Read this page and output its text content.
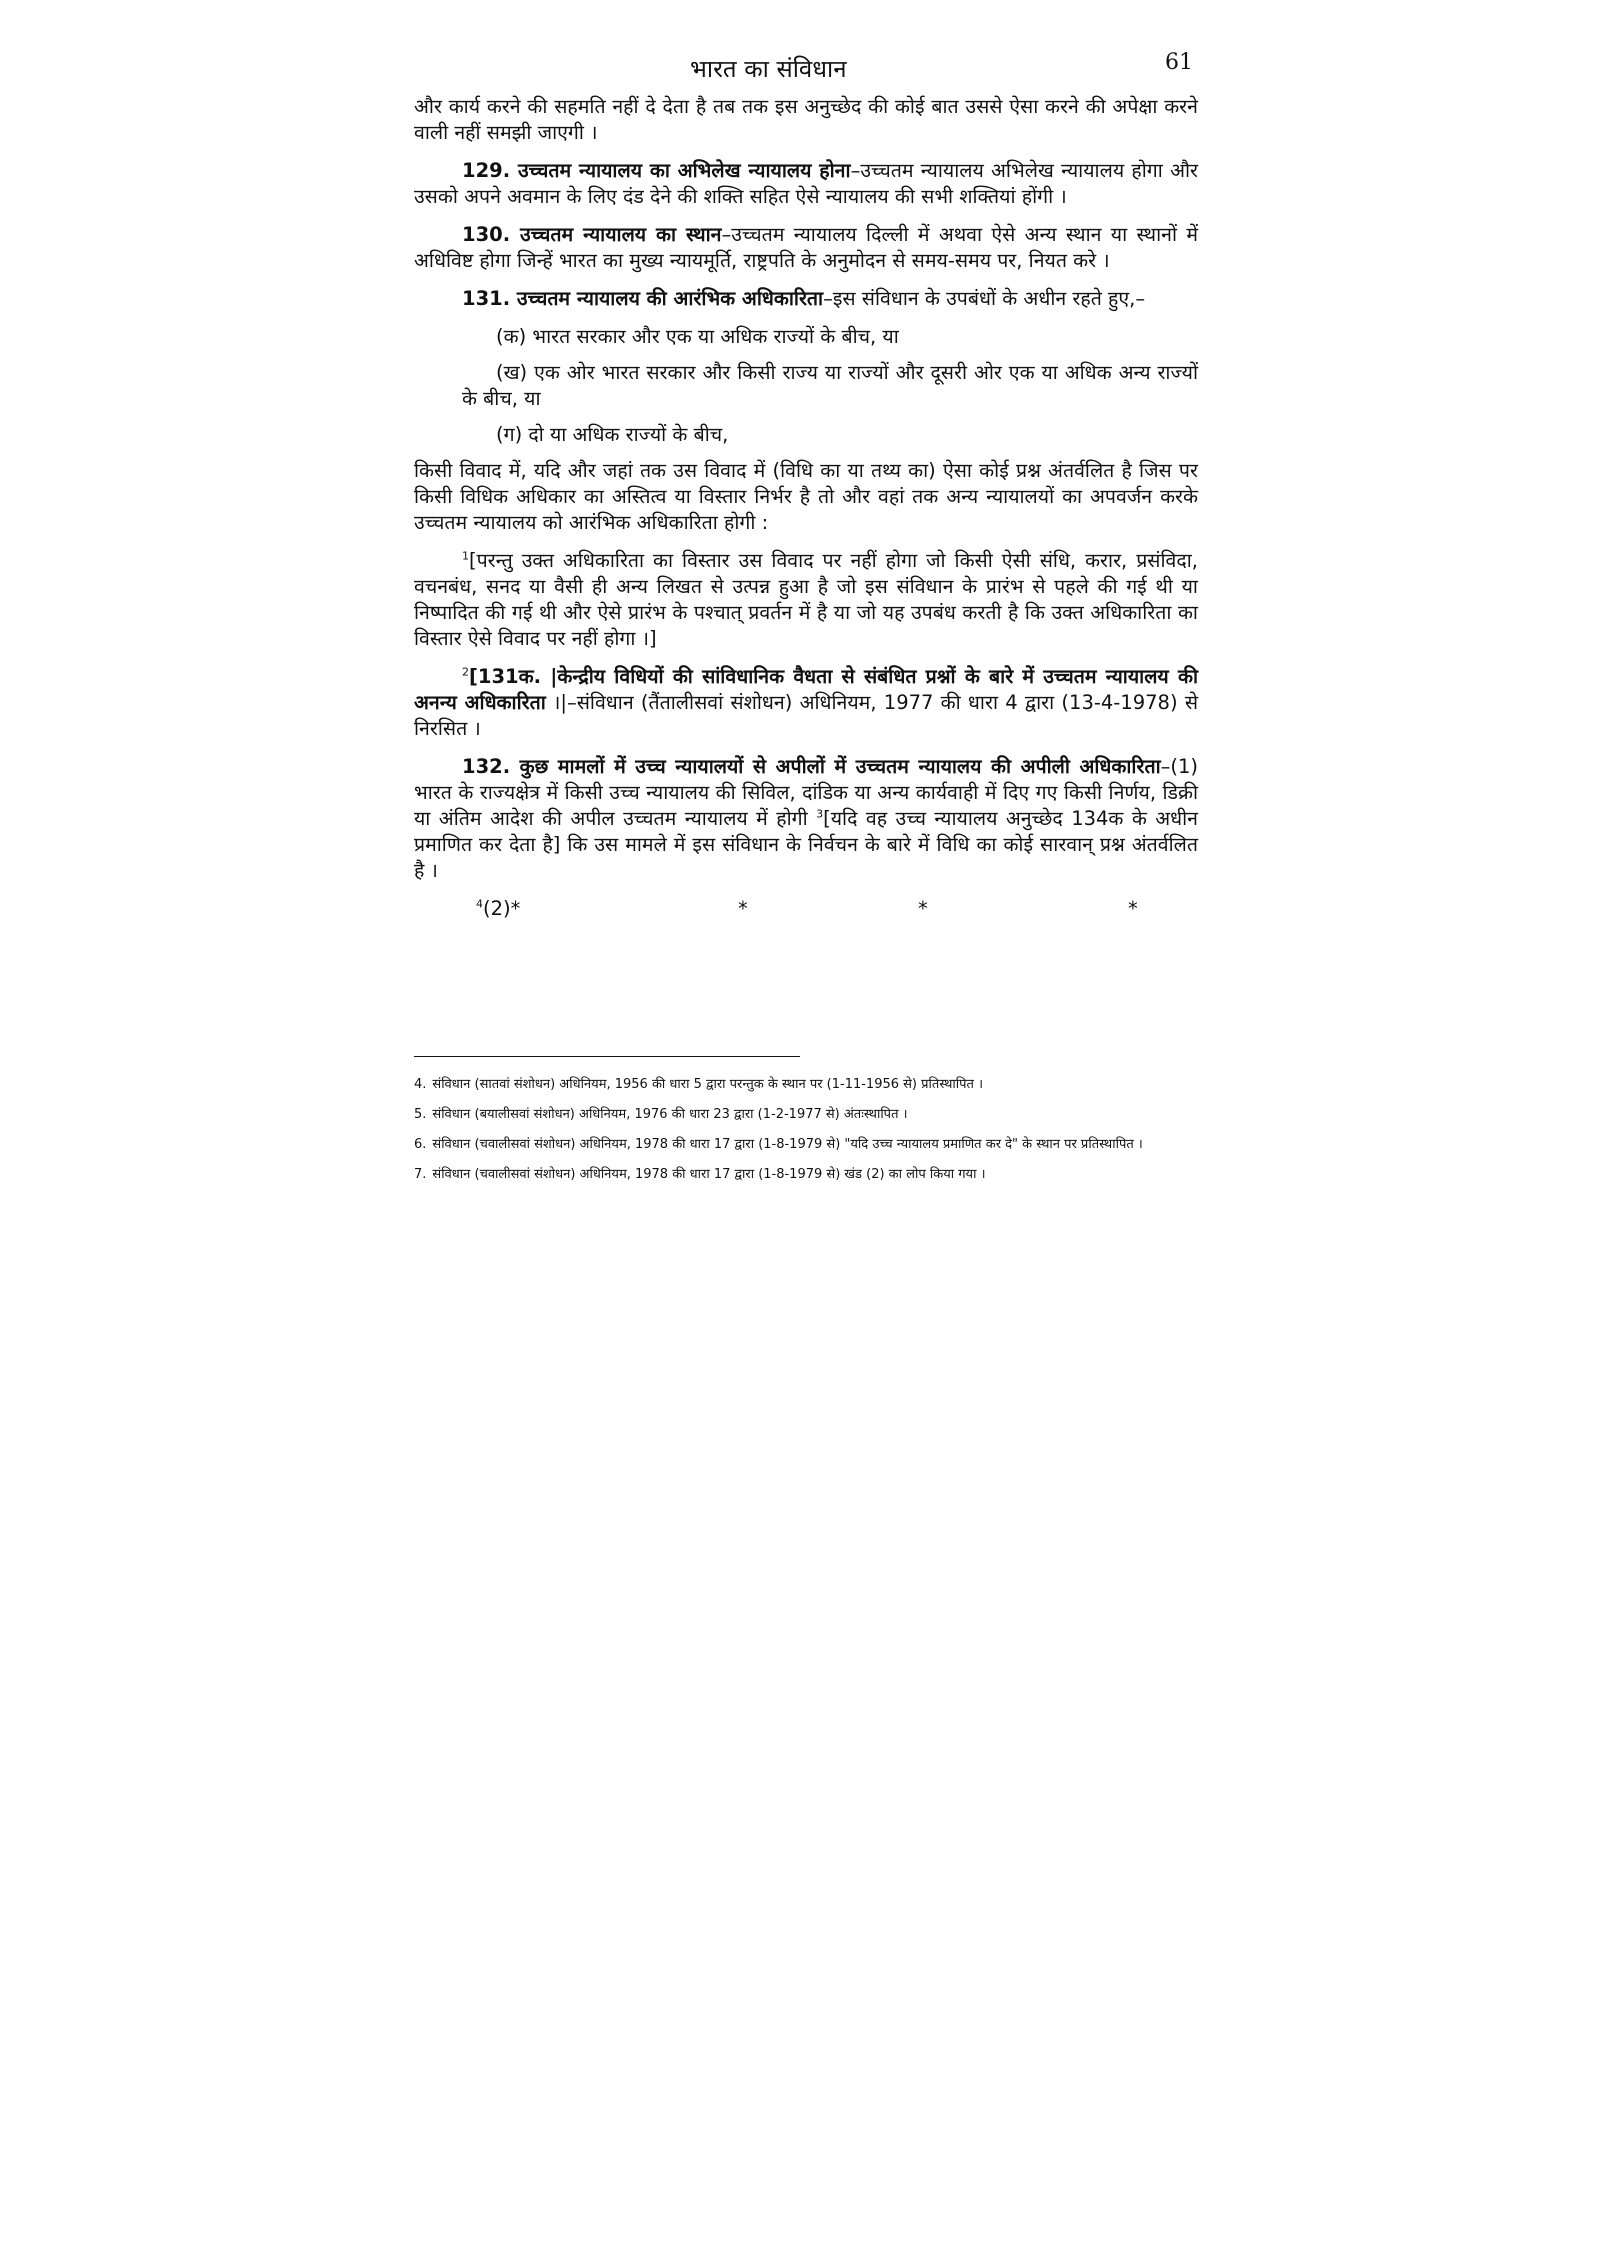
भारत का संविधान	61

और कार्य करने की सहमति नहीं दे देता है तब तक इस अनुच्छेद की कोई बात उससे ऐसा करने की अपेक्षा करने वाली नहीं समझी जाएगी ।

129. उच्चतम न्यायालय का अभिलेख न्यायालय होना–उच्चतम न्यायालय अभिलेख न्यायालय होगा और उसको अपने अवमान के लिए दंड देने की शक्ति सहित ऐसे न्यायालय की सभी शक्तियां होंगी ।

130. उच्चतम न्यायालय का स्थान–उच्चतम न्यायालय दिल्ली में अथवा ऐसे अन्य स्थान या स्थानों में अधिविष्ट होगा जिन्हें भारत का मुख्य न्यायमूर्ति, राष्ट्रपति के अनुमोदन से समय-समय पर, नियत करे ।

131. उच्चतम न्यायालय की आरंभिक अधिकारिता–इस संविधान के उपबंधों के अधीन रहते हुए,–

(क) भारत सरकार और एक या अधिक राज्यों के बीच, या

(ख) एक ओर भारत सरकार और किसी राज्य या राज्यों और दूसरी ओर एक या अधिक अन्य राज्यों के बीच, या

(ग) दो या अधिक राज्यों के बीच,

किसी विवाद में, यदि और जहां तक उस विवाद में (विधि का या तथ्य का) ऐसा कोई प्रश्न अंतर्वलित है जिस पर किसी विधिक अधिकार का अस्तित्व या विस्तार निर्भर है तो और वहां तक अन्य न्यायालयों का अपवर्जन करके उच्चतम न्यायालय को आरंभिक अधिकारिता होगी :

$^1$[परन्तु उक्त अधिकारिता का विस्तार उस विवाद पर नहीं होगा जो किसी ऐसी संधि, करार, प्रसंविदा, वचनबंध, सनद या वैसी ही अन्य लिखत से उत्पन्न हुआ है जो इस संविधान के प्रारंभ से पहले की गई थी या निष्पादित की गई थी और ऐसे प्रारंभ के पश्चात् प्रवर्तन में है या जो यह उपबंध करती है कि उक्त अधिकारिता का विस्तार ऐसे विवाद पर नहीं होगा ।]

$^2$[131क. |केन्द्रीय विधियों की सांविधानिक वैधता से संबंधित प्रश्नों के बारे में उच्चतम न्यायालय की अनन्य अधिकारिता ।|–संविधान (तैंतालीसवां संशोधन) अधिनियम, 1977 की धारा 4 द्वारा (13-4-1978) से निरसित ।

132. कुछ मामलों में उच्च न्यायालयों से अपीलों में उच्चतम न्यायालय की अपीली अधिकारिता–(1) भारत के राज्यक्षेत्र में किसी उच्च न्यायालय की सिविल, दांडिक या अन्य कार्यवाही में दिए गए किसी निर्णय, डिक्री या अंतिम आदेश की अपील उच्चतम न्यायालय में होगी $^3$[यदि वह उच्च न्यायालय अनुच्छेद 134क के अधीन प्रमाणित कर देता है] कि उस मामले में इस संविधान के निर्वचन के बारे में विधि का कोई सारवान् प्रश्न अंतर्वलित है ।

$^4$ (2)*	*	*	*

4. संविधान (सातवां संशोधन) अधिनियम, 1956 की धारा 5 द्वारा परन्तुक के स्थान पर (1-11-1956 से) प्रतिस्थापित ।

5. संविधान (बयालीसवां संशोधन) अधिनियम, 1976 की धारा 23 द्वारा (1-2-1977 से) अंतःस्थापित ।

6. संविधान (चवालीसवां संशोधन) अधिनियम, 1978 की धारा 17 द्वारा (1-8-1979 से) "यदि उच्च न्यायालय प्रमाणित कर दे" के स्थान पर प्रतिस्थापित ।

7. संविधान (चवालीसवां संशोधन) अधिनियम, 1978 की धारा 17 द्वारा (1-8-1979 से) खंड (2) का लोप किया गया ।
